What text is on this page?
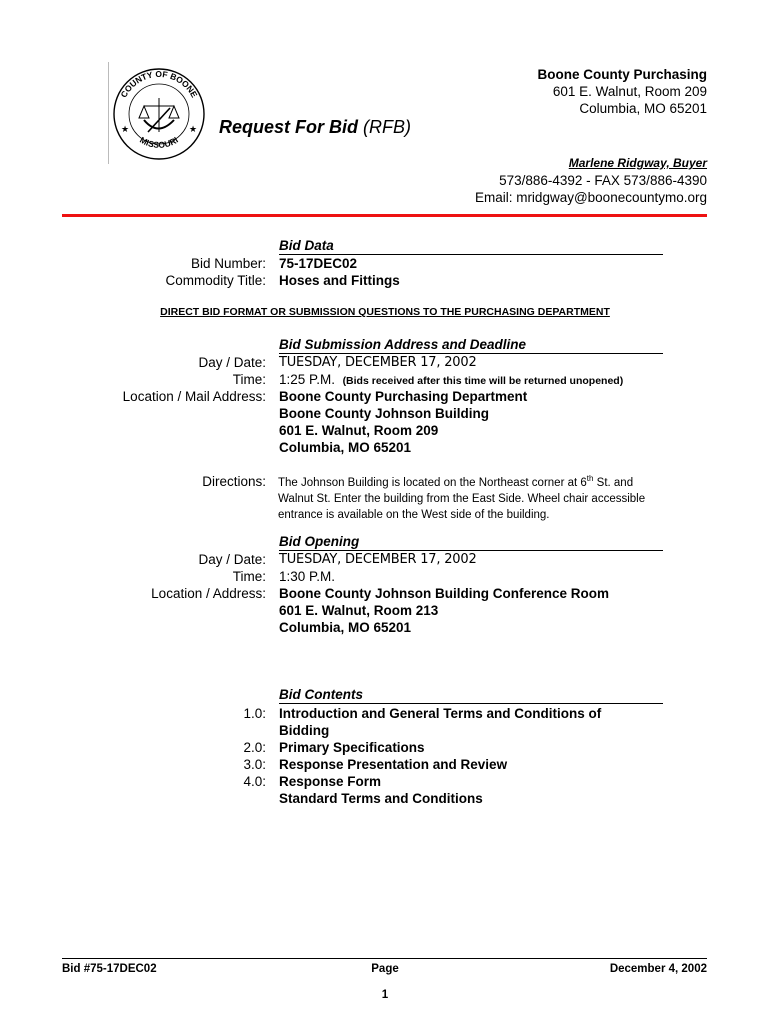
COUNTY OF BOONE
MISSOURI
★	★
Boone County Purchasing
601 E. Walnut, Room 209
Columbia, MO 65201
Request For Bid (RFB)
Marlene Ridgway, Buyer
573/886-4392 - FAX 573/886-4390
Email: mridgway@boonecountymo.org
Bid Data
Bid Number: 75-17DEC02
Commodity Title: Hoses and Fittings
DIRECT BID FORMAT OR SUBMISSION QUESTIONS TO THE PURCHASING DEPARTMENT
Bid Submission Address and Deadline
Day / Date: TUESDAY, DECEMBER 17, 2002
Time: 1:25 P.M. (Bids received after this time will be returned unopened)
Location / Mail Address: Boone County Purchasing Department
Boone County Johnson Building
601 E. Walnut, Room 209
Columbia, MO 65201
Directions: The Johnson Building is located on the Northeast corner at 6th St. and Walnut St. Enter the building from the East Side. Wheel chair accessible entrance is available on the West side of the building.
Bid Opening
Day / Date: TUESDAY, DECEMBER 17, 2002
Time: 1:30 P.M.
Location / Address: Boone County Johnson Building Conference Room
601 E. Walnut, Room 213
Columbia, MO 65201
Bid Contents
1.0: Introduction and General Terms and Conditions of
Bidding
2.0: Primary Specifications
3.0: Response Presentation and Review
4.0: Response Form
Standard Terms and Conditions
Bid #75-17DEC02	Page
1
December 4, 2002
